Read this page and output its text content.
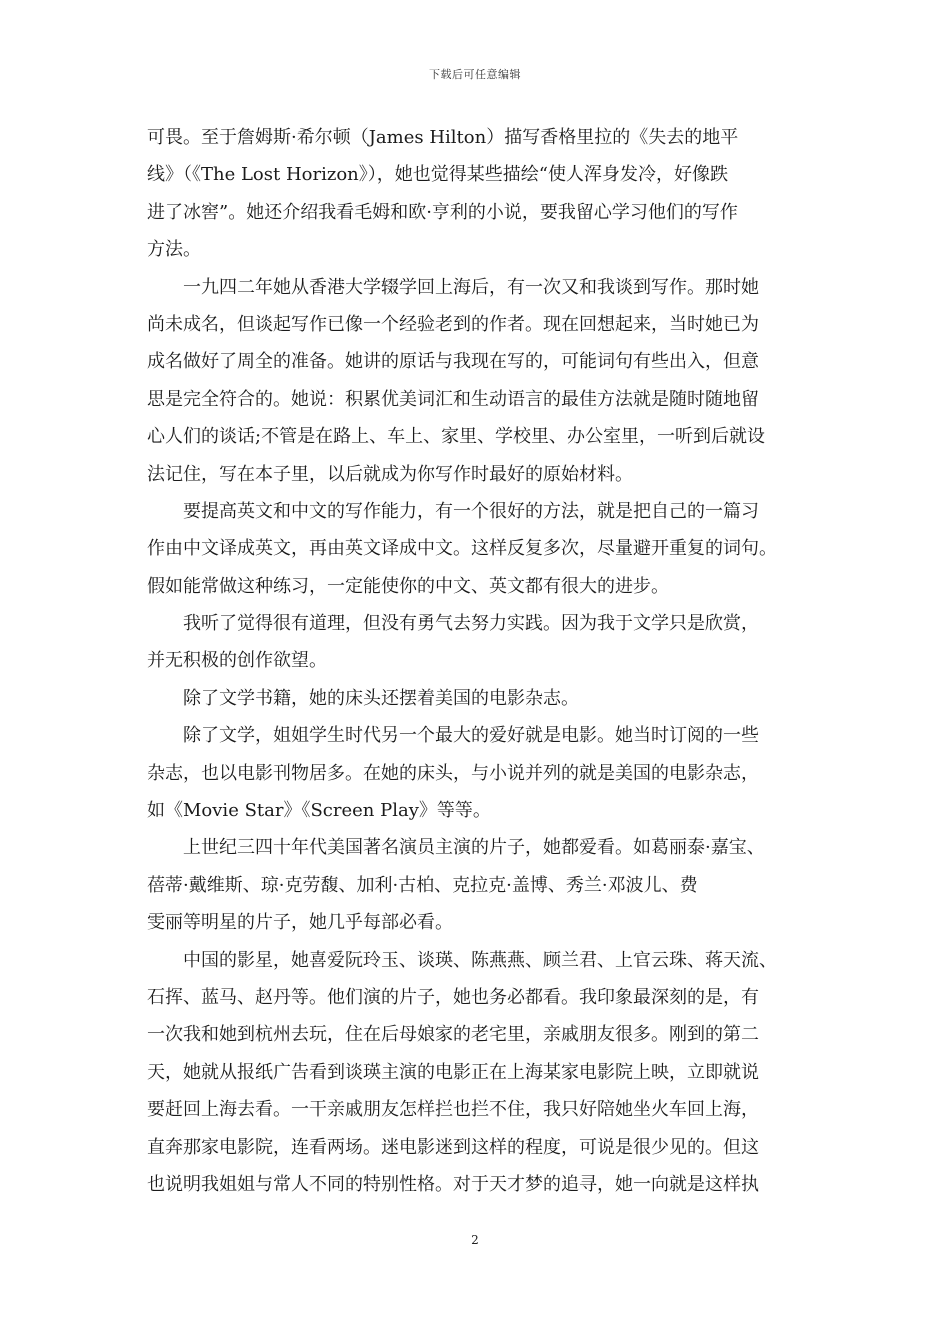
下载后可任意编辑
可畏。至于詹姆斯·希尔顿（James Hilton）描写香格里拉的《失去的地平
线》（《The Lost Horizon》），她也觉得某些描绘“使人浑身发冷，好像跌
进了冰窖”。她还介绍我看毛姆和欧·亨利的小说，要我留心学习他们的写作
方法。
一九四二年她从香港大学辍学回上海后，有一次又和我谈到写作。那时她
尚未成名，但谈起写作已像一个经验老到的作者。现在回想起来，当时她已为
成名做好了周全的准备。她讲的原话与我现在写的，可能词句有些出入，但意
思是完全符合的。她说：积累优美词汇和生动语言的最佳方法就是随时随地留
心人们的谈话;不管是在路上、车上、家里、学校里、办公室里，一听到后就设
法记住，写在本子里，以后就成为你写作时最好的原始材料。
要提高英文和中文的写作能力，有一个很好的方法，就是把自己的一篇习
作由中文译成英文，再由英文译成中文。这样反复多次，尽量避开重复的词句。
假如能常做这种练习，一定能使你的中文、英文都有很大的进步。
我听了觉得很有道理，但没有勇气去努力实践。因为我于文学只是欣赏，
并无积极的创作欲望。
除了文学书籍，她的床头还摆着美国的电影杂志。
除了文学，姐姐学生时代另一个最大的爱好就是电影。她当时订阅的一些
杂志，也以电影刊物居多。在她的床头，与小说并列的就是美国的电影杂志，
如《Movie Star》《Screen Play》等等。
上世纪三四十年代美国著名演员主演的片子，她都爱看。如葛丽泰·嘉宝、
蓓蒂·戴维斯、琼·克劳馥、加利·古柏、克拉克·盖博、秀兰·邓波儿、费
雯丽等明星的片子，她几乎每部必看。
中国的影星，她喜爱阮玲玉、谈瑛、陈燕燕、顾兰君、上官云珠、蒋天流、
石挥、蓝马、赵丹等。他们演的片子，她也务必都看。我印象最深刻的是，有
一次我和她到杭州去玩，住在后母娘家的老宅里，亲戚朋友很多。刚到的第二
天，她就从报纸广告看到谈瑛主演的电影正在上海某家电影院上映，立即就说
要赶回上海去看。一干亲戚朋友怎样拦也拦不住，我只好陪她坐火车回上海，
直奔那家电影院，连看两场。迷电影迷到这样的程度，可说是很少见的。但这
也说明我姐姐与常人不同的特别性格。对于天才梦的追寻，她一向就是这样执
2
